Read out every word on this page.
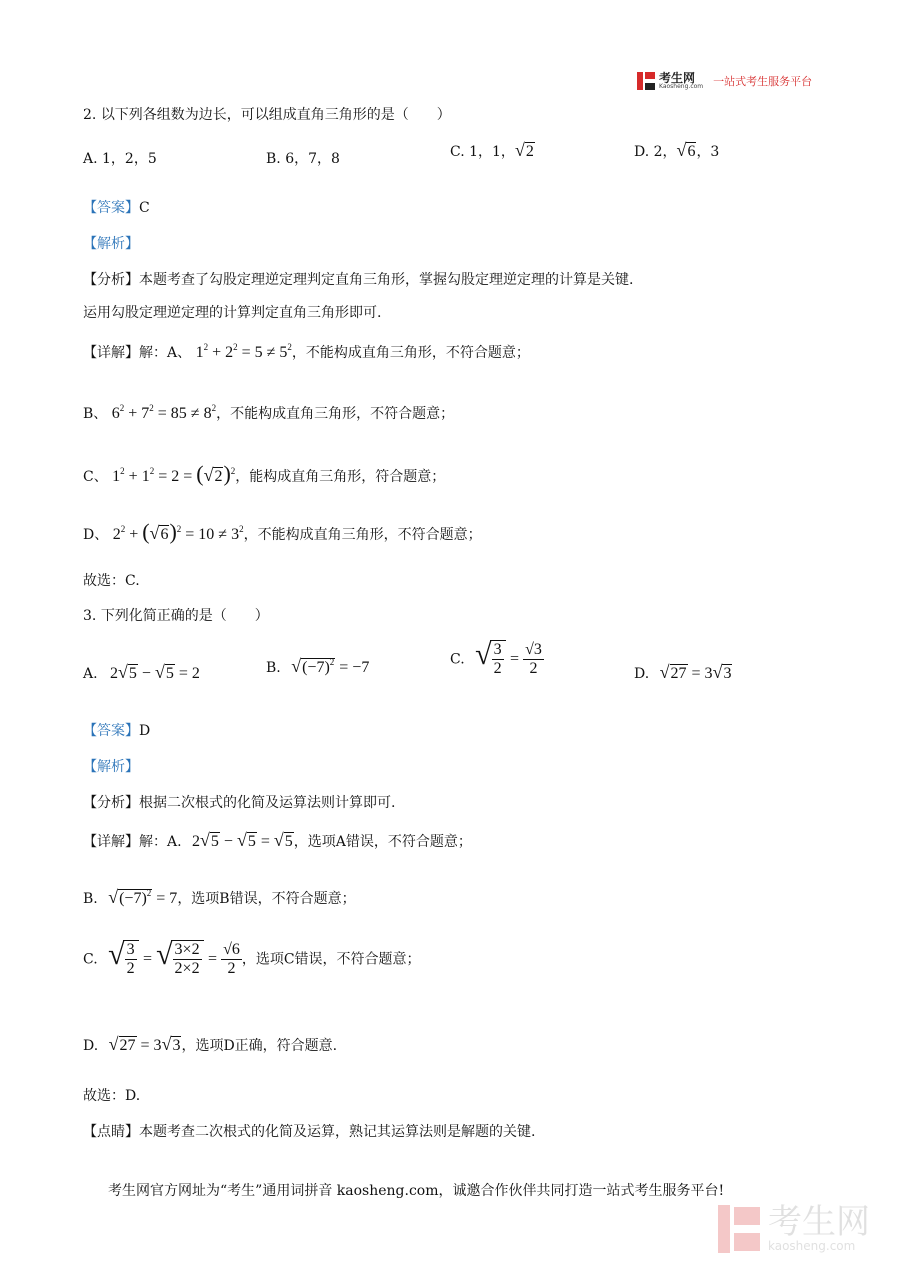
考生网
Kaosheng.com 一站式考生服务平台
2. 以下列各组数为边长，可以组成直角三角形的是（　　）
A. 1，2，5	B. 6，7，8	C. 1，1，√2	D. 2，√6，3
【答案】C
【解析】
【分析】本题考查了勾股定理逆定理判定直角三角形，掌握勾股定理逆定理的计算是关键.
运用勾股定理逆定理的计算判定直角三角形即可.
【详解】解：A、 $1^2 + 2^2 = 5 \ne 5^2$，不能构成直角三角形，不符合题意；
B、 $6^2 + 7^2 = 85 \ne 8^2$，不能构成直角三角形，不符合题意；
C、 $1^2 + 1^2 = 2 = (√2)^2$，能构成直角三角形，符合题意；
D、 $2^2 + (√6)^2 = 10 \ne 3^2$，不能构成直角三角形，不符合题意；
故选：C.
3. 下列化简正确的是（　　）
A. 2√5 − √5 = 2	B. $√(-7)^2 = -7$	C. √ $\frac{3}{2} = \frac{√3}{2}$	D. √27 = 3√3
【答案】D
【解析】
【分析】根据二次根式的化简及运算法则计算即可.
【详解】解：A. 2√5 − √5 = √5，选项A错误，不符合题意；
B. $√(-7)^2 = 7$，选项B错误，不符合题意；
C. √ $\frac{3}{2}$ = √ $\frac{3\times 2}{2\times 2} = \frac{√6}{2}$ ，选项C错误，不符合题意；
D. √27 = 3√3，选项D正确，符合题意.
故选：D.
【点睛】本题考查二次根式的化简及运算，熟记其运算法则是解题的关键.
考生网官方网址为“考生”通用词拼音 kaosheng.com，诚邀合作伙伴共同打造一站式考生服务平台!
考生网
kaosheng.com
